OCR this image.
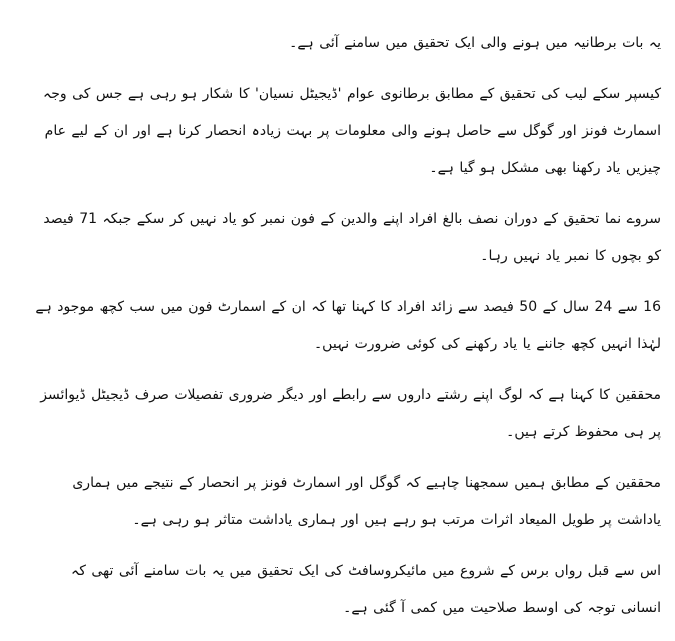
یہ بات برطانیہ میں ہونے والی ایک تحقیق میں سامنے آئی ہے۔

کیسپر سکے لیب کی تحقیق کے مطابق برطانوی عوام 'ڈیجیٹل نسیان' کا شکار ہو رہی ہے جس کی وجہ اسمارٹ فونز اور گوگل سے حاصل ہونے والی معلومات پر بہت زیادہ انحصار کرنا ہے اور ان کے لیے عام چیزیں یاد رکھنا بھی مشکل ہو گیا ہے۔

سروے نما تحقیق کے دوران نصف بالغ افراد اپنے والدین کے فون نمبر کو یاد نہیں کر سکے جبکہ 71 فیصد کو بچوں کا نمبر یاد نہیں رہا۔

16 سے 24 سال کے 50 فیصد سے زائد افراد کا کہنا تھا کہ ان کے اسمارٹ فون میں سب کچھ موجود ہے لہٰذا انہیں کچھ جاننے یا یاد رکھنے کی کوئی ضرورت نہیں۔

محققین کا کہنا ہے کہ لوگ اپنے رشتے داروں سے رابطے اور دیگر ضروری تفصیلات صرف ڈیجیٹل ڈیوائسز پر ہی محفوظ کرتے ہیں۔

محققین کے مطابق ہمیں سمجھنا چاہیے کہ گوگل اور اسمارٹ فونز پر انحصار کے نتیجے میں ہماری یاداشت پر طویل المیعاد اثرات مرتب ہو رہے ہیں اور ہماری یاداشت متاثر ہو رہی ہے۔

اس سے قبل رواں برس کے شروع میں مائیکروسافٹ کی ایک تحقیق میں یہ بات سامنے آئی تھی کہ انسانی توجہ کی اوسط صلاحیت میں کمی آ گئی ہے۔
